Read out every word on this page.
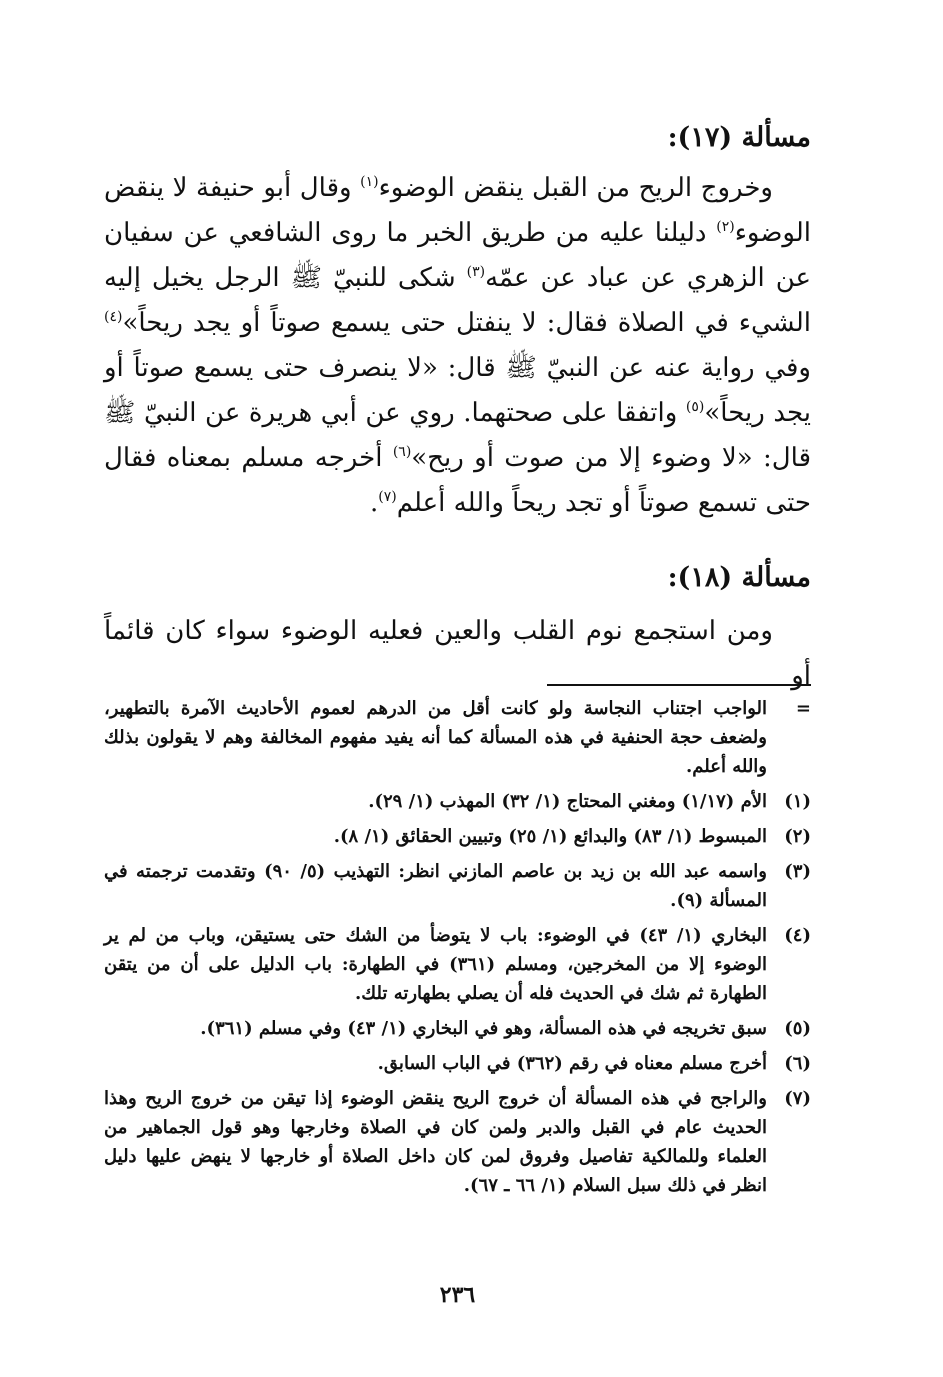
مسألة (١٧):
وخروج الريح من القبل ينقض الوضوء$^{(١)}$ وقال أبو حنيفة لا ينقض الوضوء$^{(٢)}$ دليلنا عليه من طريق الخبر ما روى الشافعي عن سفيان عن الزهري عن عباد عن عمّه$^{(٣)}$ شكى للنبيّ ﷺ الرجل يخيل إليه الشيء في الصلاة فقال: لا ينفتل حتى يسمع صوتاً أو يجد ريحاً»$^{(٤)}$ وفي رواية عنه عن النبيّ ﷺ قال: «لا ينصرف حتى يسمع صوتاً أو يجد ريحاً»$^{(٥)}$ واتفقا على صحتهما. روي عن أبي هريرة عن النبيّ ﷺ قال: «لا وضوء إلا من صوت أو ريح»$^{(٦)}$ أخرجه مسلم بمعناه فقال حتى تسمع صوتاً أو تجد ريحاً والله أعلم$^{(٧)}$.
مسألة (١٨):
ومن استجمع نوم القلب والعين فعليه الوضوء سواء كان قائماً أو
=
الواجب اجتناب النجاسة ولو كانت أقل من الدرهم لعموم الأحاديث الآمرة بالتطهير، ولضعف حجة الحنفية في هذه المسألة كما أنه يفيد مفهوم المخالفة وهم لا يقولون بذلك والله أعلم.
(١)
الأم (١/١٧) ومغني المحتاج (١/ ٣٢) المهذب (١/ ٢٩).
(٢)
المبسوط (١/ ٨٣) والبدائع (١/ ٢٥) وتبيين الحقائق (١/ ٨).
(٣)
واسمه عبد الله بن زيد بن عاصم المازني انظر: التهذيب (٥/ ٩٠) وتقدمت ترجمته في المسألة (٩).
(٤)
البخاري (١/ ٤٣) في الوضوء: باب لا يتوضأ من الشك حتى يستيقن، وباب من لم ير الوضوء إلا من المخرجين، ومسلم (٣٦١) في الطهارة: باب الدليل على أن من يتقن الطهارة ثم شك في الحديث فله أن يصلي بطهارته تلك.
(٥)
سبق تخريجه في هذه المسألة، وهو في البخاري (١/ ٤٣) وفي مسلم (٣٦١).
(٦)
أخرج مسلم معناه في رقم (٣٦٢) في الباب السابق.
(٧)
والراجح في هذه المسألة أن خروج الريح ينقض الوضوء إذا تيقن من خروج الريح وهذا الحديث عام في القبل والدبر ولمن كان في الصلاة وخارجها وهو قول الجماهير من العلماء وللمالكية تفاصيل وفروق لمن كان داخل الصلاة أو خارجها لا ينهض عليها دليل انظر في ذلك سبل السلام (١/ ٦٦ ـ ٦٧).
٢٣٦
